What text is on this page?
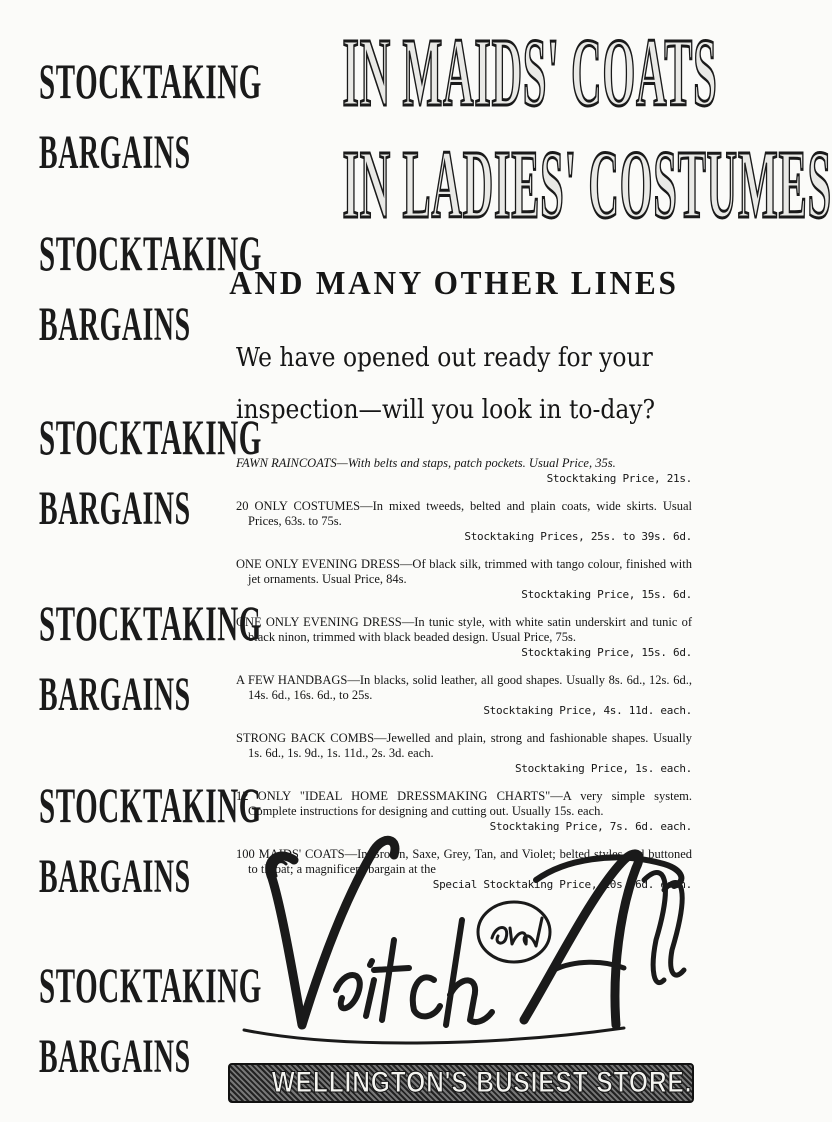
STOCKTAKING
BARGAINS
STOCKTAKING
BARGAINS
STOCKTAKING
BARGAINS
STOCKTAKING
BARGAINS
STOCKTAKING
BARGAINS
STOCKTAKING
BARGAINS
IN MAIDS' COATS
IN LADIES' COSTUMES
AND MANY OTHER LINES
We have opened out ready for your
inspection—will you look in to-day?
FAWN RAINCOATS—With belts and staps, patch pockets. Usual Price, 35s.
Stocktaking Price, 21s.
20 ONLY COSTUMES—In mixed tweeds, belted and plain coats, wide skirts. Usual Prices, 63s. to 75s.
Stocktaking Prices, 25s. to 39s. 6d.
ONE ONLY EVENING DRESS—Of black silk, trimmed with tango colour, finished with jet ornaments. Usual Price, 84s.
Stocktaking Price, 15s. 6d.
ONE ONLY EVENING DRESS—In tunic style, with white satin underskirt and tunic of black ninon, trimmed with black beaded design. Usual Price, 75s.
Stocktaking Price, 15s. 6d.
A FEW HANDBAGS—In blacks, solid leather, all good shapes. Usually 8s. 6d., 12s. 6d., 14s. 6d., 16s. 6d., to 25s.
Stocktaking Price, 4s. 11d. each.
STRONG BACK COMBS—Jewelled and plain, strong and fashionable shapes. Usually 1s. 6d., 1s. 9d., 1s. 11d., 2s. 3d. each.
Stocktaking Price, 1s. each.
12 ONLY "IDEAL HOME DRESSMAKING CHARTS"—A very simple system. Complete instructions for designing and cutting out. Usually 15s. each.
Stocktaking Price, 7s. 6d. each.
100 MAIDS' COATS—In Brown, Saxe, Grey, Tan, and Violet; belted styles and buttoned to throat; a magnificent bargain at the
Special Stocktaking Price, 10s. 6d. each.
WELLINGTON'S BUSIEST STORE.
